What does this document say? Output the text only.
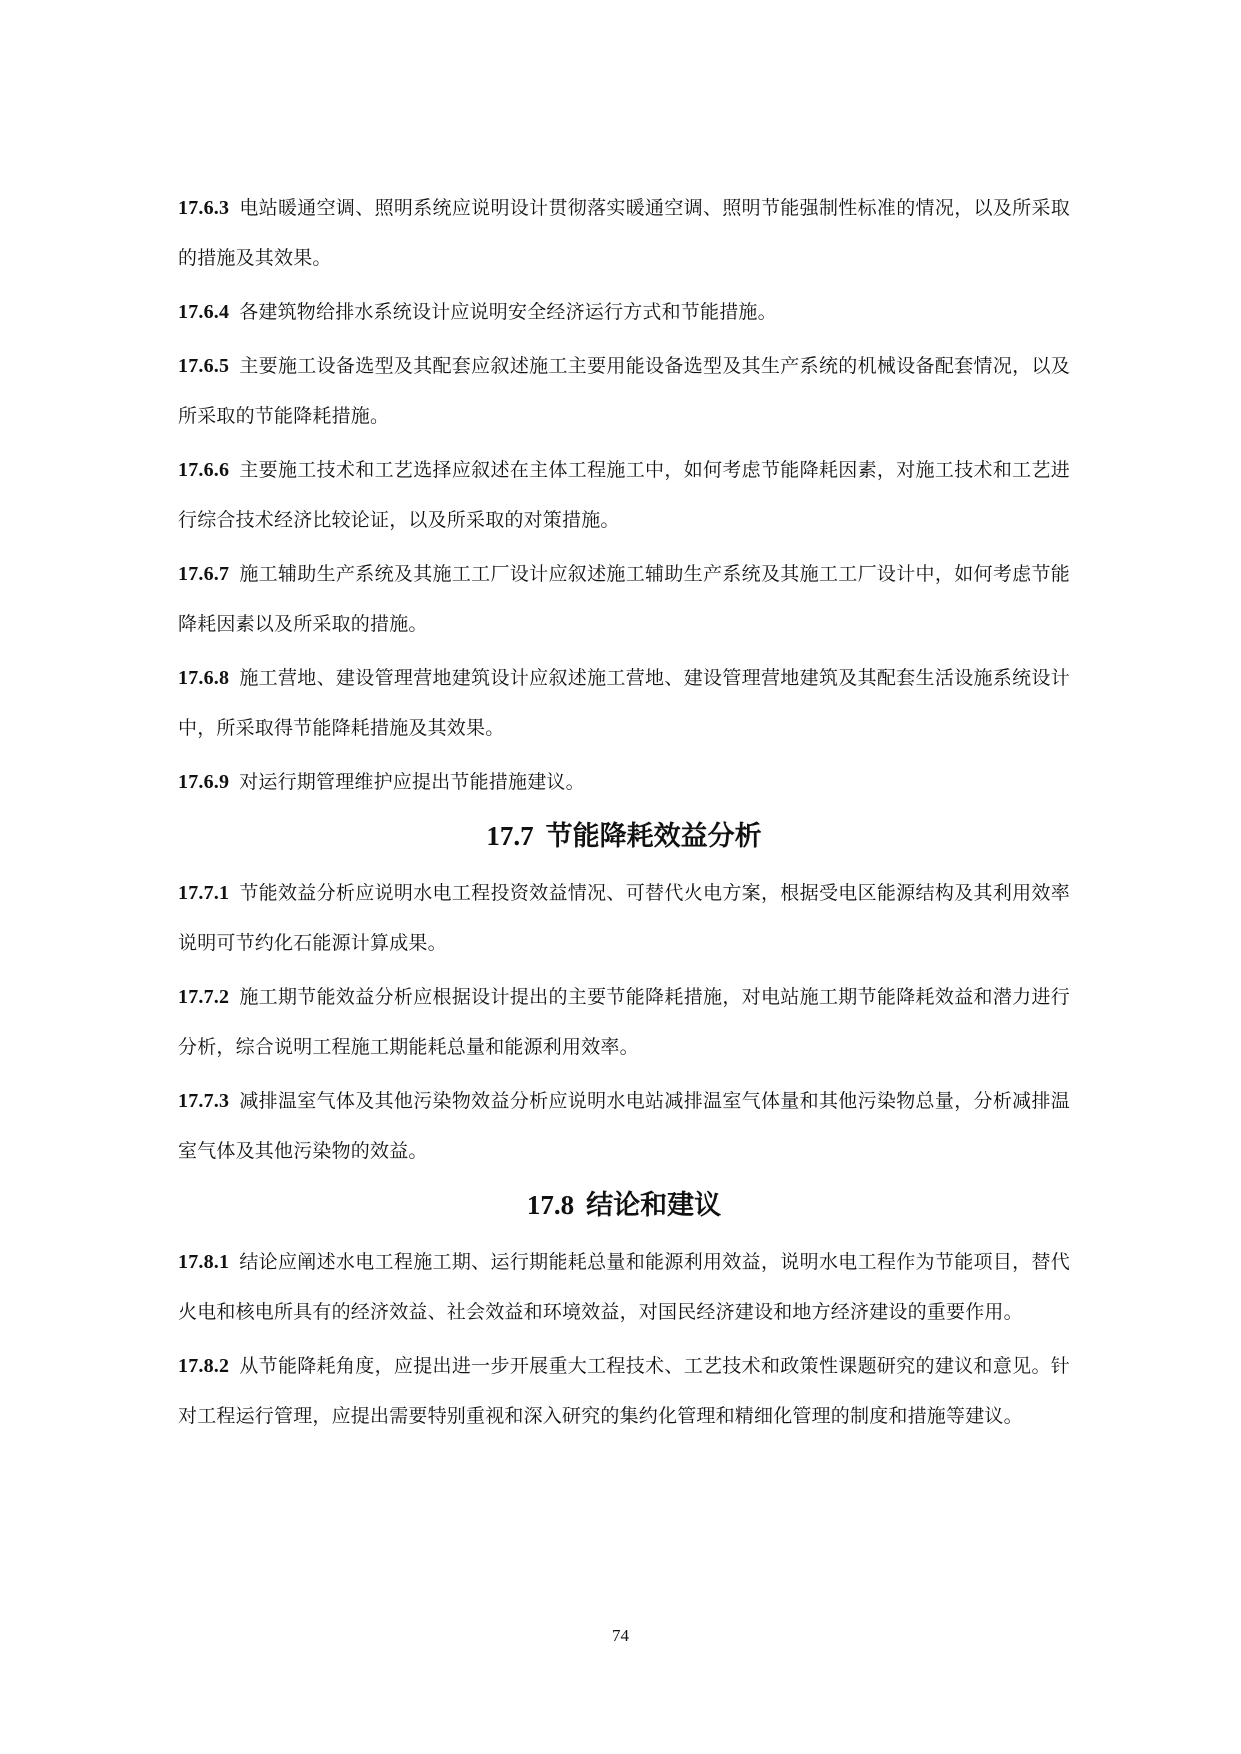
17.6.3 电站暖通空调、照明系统应说明设计贯彻落实暖通空调、照明节能强制性标准的情况，以及所采取的措施及其效果。

17.6.4 各建筑物给排水系统设计应说明安全经济运行方式和节能措施。

17.6.5 主要施工设备选型及其配套应叙述施工主要用能设备选型及其生产系统的机械设备配套情况，以及所采取的节能降耗措施。

17.6.6 主要施工技术和工艺选择应叙述在主体工程施工中，如何考虑节能降耗因素，对施工技术和工艺进行综合技术经济比较论证，以及所采取的对策措施。

17.6.7 施工辅助生产系统及其施工工厂设计应叙述施工辅助生产系统及其施工工厂设计中，如何考虑节能降耗因素以及所采取的措施。

17.6.8 施工营地、建设管理营地建筑设计应叙述施工营地、建设管理营地建筑及其配套生活设施系统设计中，所采取得节能降耗措施及其效果。

17.6.9 对运行期管理维护应提出节能措施建议。

17.7 节能降耗效益分析

17.7.1 节能效益分析应说明水电工程投资效益情况、可替代火电方案，根据受电区能源结构及其利用效率说明可节约化石能源计算成果。

17.7.2 施工期节能效益分析应根据设计提出的主要节能降耗措施，对电站施工期节能降耗效益和潜力进行分析，综合说明工程施工期能耗总量和能源利用效率。

17.7.3 减排温室气体及其他污染物效益分析应说明水电站减排温室气体量和其他污染物总量，分析减排温室气体及其他污染物的效益。

17.8 结论和建议

17.8.1 结论应阐述水电工程施工期、运行期能耗总量和能源利用效益，说明水电工程作为节能项目，替代火电和核电所具有的经济效益、社会效益和环境效益，对国民经济建设和地方经济建设的重要作用。

17.8.2 从节能降耗角度，应提出进一步开展重大工程技术、工艺技术和政策性课题研究的建议和意见。针对工程运行管理，应提出需要特别重视和深入研究的集约化管理和精细化管理的制度和措施等建议。

74
